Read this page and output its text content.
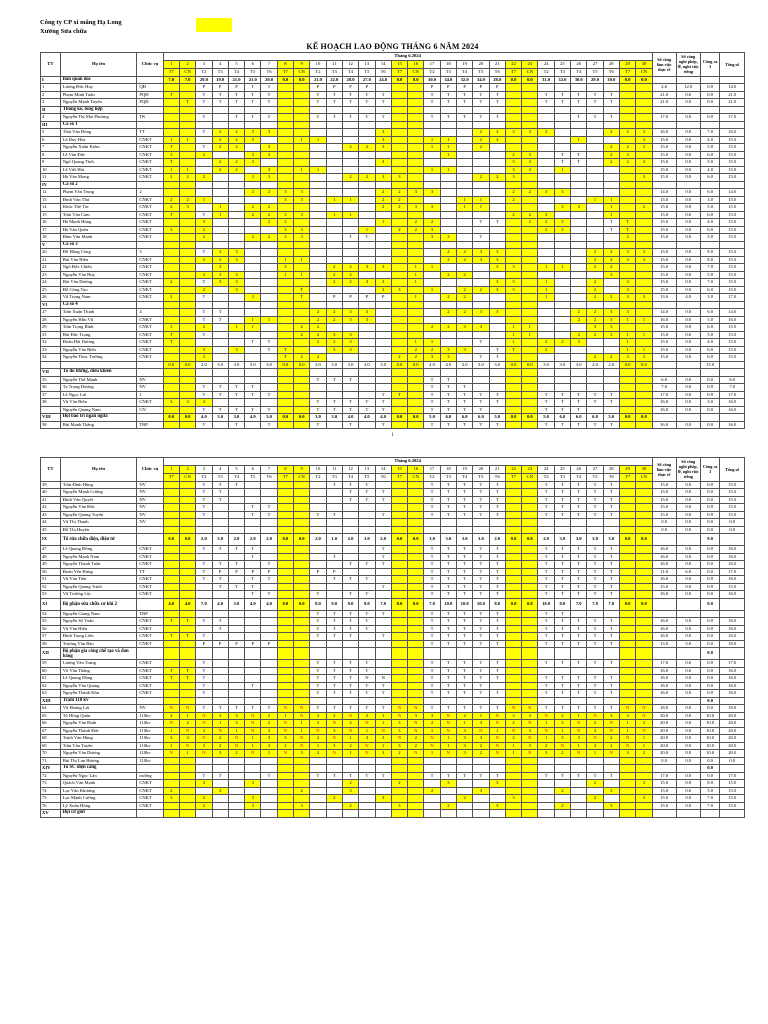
Công ty CP xi măng Hạ Long
Xưởng Sửa chữa
KẾ HOẠCH LAO ĐỘNG THÁNG 6 NĂM 2024
TT	Họ tên	Chức vụ	Tháng 6.2024																														Số công làm việc thực tế	Số công nghỉ phép, lễ, nghỉ việc riêng	Công ca 3	Tổng số
			1	2	3	4	5	6	7	8	9	10	11	12	13	14	15	16	17	18	19	20	21	22	23	24	25	26	27	28	29	30				
			T7	CN	T2	T3	T4	T5	T6	T7	CN	T2	T3	T4	T5	T6	T7	CN	T2	T3	T4	T5	T6	T7	CN	T2	T3	T4	T5	T6	T7	CN				
I	Ban quản đốc		7.0	7.0	29.0	19.0	21.0	21.0	20.0	0.0	0.0	21.0	22.0	28.0	27.0	24.0	0.0	0.0	30.0	34.0	32.0	34.0	28.0	0.0	0.0	31.0	32.0	30.0	29.0	30.0	0.0	0.0				
1	Lương Đức Huy	QĐ			P	P	P	T	T			P	P	P	P				P	P	P	P	P										2.0	12.0	0.0	14.0
2	Phạm Minh Tuấn	PQĐ	T		T	T	T	T	T			T	T	T	T	T			T	T	T	T	T			T	T	T	T	T			21.0	0.0	0.0	21.0
3	Nguyễn Mạnh Tuyến	PQĐ		T	T	T	T	T	T			T	T	T	T	T			T	T	T	T	T			T	T	T	T	T			21.0	0.0	0.0	21.0
II	Thống kê, tổng hợp																																			
4	Nguyễn Thị Mai Phương	TK			T		T	T	T			T	T	T	T	T			T	T	T	T	T					T	T	T			17.0	0.0	0.0	17.0
III	Ca số 1																																			
5	Thái Văn Đông	TT			T	2	2	3	3							3						2	2	3	3	3				2	2	3	16.0	0.0	7.0	16.0
6	Lê Duy Hòa	CNKT	1	1		2	2	3			1	1				3			1	1		2	2					1				3	15.0	0.0	4.0	15.0
7	Nguyễn Xuân Kiểm	CNKT	T		T	2	2		3					2	2	3			1	1		2								2	2	3	15.0	0.0	5.0	15.0
8	Lê Văn Đức	CNKT	3		2			3	3											1				2	3		T	T		2	3		15.0	0.0	6.0	15.0
9	Ngô Quang Tình	CNKT	T			2	2	3								3								3	3		T	T		2	2	3	15.0	0.0	5.0	15.0
10	Lê Viết Hải	CNKT	1	1		2	2		3		1	1							1	1				3	3		1						15.0	0.0	4.0	15.0
11	Hà Văn Mong	CNKT	2	2	2			3	3					2	2	3	3					2	2	3								3	15.0	0.0	6.0	15.0
IV	Ca số 2																																			
12	Phạm Văn Trung	2						2	2	3	3					2	2	3	3					2	2	3	3						14.0	0.0	6.0	14.0
13	Đinh Văn Thư	CNKT	2	2	1					3	3		1	1		2	2				1	1		2					1	1			15.0	0.0	3.0	15.0
14	Khúc Thế Tác	CNKT	2	3		1		2	2							2	2	3	3		1	1					3	3		1		2	15.0	0.0	5.0	15.0
15	Trần Văn Cam	CNKT	T		T	1		2	2	3	3		1	1										2	2	3				1			15.0	0.0	6.0	15.0
16	Hà Mạnh Hùng	CNKT			3				2	2						1		2	2			T	T		2	2	3			T	T		15.0	0.0	4.0	15.0
17	Hà Văn Quân	CNKT	3		2					3	3				1		2	2	3							2	3			T	T		15.0	0.0	6.0	15.0
18	Đàm Văn Mạnh	CNKT			2			2	2	3	3			T	T				3	3		T									2		15.0	0.0	5.0	15.0
V	Ca số 3																																			
20	Đỗ Hồng Công	3			T	3	3													2	2	3	3						2	2	3	3	15.0	0.0	8.0	15.0
21	Bùi Văn Hiếu	CNKT			2	2	3			1	1									2	2	3	3						2	2	3	3	15.0	0.0	8.0	15.0
22	Ngô Đức Chiếu	CNKT				3				3			2	2	3	3		1	1				3	3		1	1		2	2			15.0	0.0	7.0	15.0
23	Nguyễn Văn Huy	CNKT			3	3	3			1	1		2	2				1		2	2									3			15.0	0.0	5.0	15.0
24	Bùi Văn Dương	CNKT	2		T	3	3						2	2	3	3		1					3	3		1			2		3		15.0	0.0	7.0	15.0
25	Đỗ Công Tạo	CNKT			2		3				T					3	3		1		2	2	3	3		1			2		3		15.0	0.0	6.0	15.0
26	Vũ Trọng Nam	CNKT	2		T			3			T		P	P	P	P		1		2	2					1			2	2	3	3	13.0	4.0	3.0	17.0
VI	Ca số 4																																			
27	Trần Xuân Thịnh	4			T	T						2	2	3	3					2	2	3	3					2	2	3	3		14.0	0.0	6.0	14.0
28	Nguyễn Hữu Vũ	CNKT			T	T		1	1			2	2	3	3													2	2	3	1	1	16.0	0.0	5.0	16.0
29	Trần Trọng Bình	CNKT	3		2		1	1			2	2							2	2	3	3		1	1				3	3			15.0	0.0	6.0	15.0
31	Bùi Đức Trọng	CNKT	T		T						2	2	3	3										1	1			2	2	3	1	1	15.0	0.0	5.0	15.0
32	Đoàn Hải Dương	CNKT	T					T	T			2	2	3				1	1			T		1		2	2	3			1		15.0	0.0	4.0	15.0
33	Nguyễn Văn Biên	CNKT			3		3		T	T			3	3				2	2	3	3		T	T		2					1	1	15.0	0.0	6.0	15.0
34	Nguyễn Thúc Trường	CNKT			3					T	2	2					2	2	3	3		T	T						2	2	3	3	15.0	0.0	6.0	15.0
			0.0	0.0	2.0	3.0	3.0	3.0	3.0	0.0	0.0	3.0	3.0	3.0	3.0	3.0	0.0	0.0	4.0	4.0	3.0	3.0	3.0	0.0	0.0	3.0	3.0	3.0	2.0	2.0	0.0	0.0			15.0	
VII	Tổ đo lường, điều khiển																																			
35	Nguyễn Thế Mạnh	NV										T	T	T					T	T													6.0	0.0	0.0	6.0
36	Tạ Trọng Dương	NV			T	T	T	T											T	T	T												7.0	0.0	0.0	7.0
37	Lê Ngọc Lợi	1			T	T	T	T	T							T	T		T	T	T	T	T			T	T	T	T	T			17.0	0.0	0.0	17.0
38	Vũ Văn Biên	CNKT	3	3	3							T	T	T	T	T			T	T	T	T	T			T	T	T	T	T			16.0	0.0	3.0	16.0
	Nguyễn Quang Nam	CN			T	T	T	T	T			T	T	T	T	T			T	T	T	T				T	T	T					16.0	0.0	0.0	16.0
VIII	Đội bảo trì ngăn ngừa		0.0	0.0	4.0	3.0	3.0	4.0	3.0	0.0	0.0	3.0	3.0	4.0	4.0	4.0	0.0	0.0	5.0	6.0	6.0	6.0	5.0	0.0	0.0	5.0	6.0	6.0	6.0	5.0	0.0	0.0				
38	Bùi Mạnh Thắng	TBP			T		T		T			T		T		T			T	T	T	T	T			T	T	T	T	T			16.0	0.0	0.0	16.0
1
TT	Họ tên	Chức vụ	Tháng 6.2024																														Số công làm việc thực tế	Số công nghỉ phép, lễ, nghỉ việc riêng	Công ca 3	Tổng số
			1	2	3	4	5	6	7	8	9	10	11	12	13	14	15	16	17	18	19	20	21	22	23	24	25	26	27	28	29	30				
			T7	CN	T2	T3	T4	T5	T6	T7	CN	T2	T3	T4	T5	T6	T7	CN	T2	T3	T4	T5	T6	T7	CN	T2	T3	T4	T5	T6	T7	CN				
39	Trần Đình Hùng	NV			T	T	T						T	T	T				T	T	T	T	T			T	T	T	T	T			15.0	0.0	0.0	15.0
40	Nguyễn Mạnh Cường	NV			T	T								T	T	T			T	T	T	T	T			T	T	T	T	T			15.0	0.0	0.0	15.0
41	Đinh Văn Quyết	NV			T	T								T	T	T			T	T	T	T	T			T	T	T	T	T			15.0	0.0	0.0	15.0
42	Nguyễn Văn Đức	NV			T			T	T										T	T	T	T	T			T	T	T	T	T			15.0	0.0	0.0	15.0
43	Nguyễn Quang Tuyến	NV			T			T	T			T	T			T			T	T	T	T	T			T	T	T	T	T			15.0	0.0	0.0	15.0
44	Vũ Thị Thanh	NV																															0.0	0.0	0.0	0.0
45	Đỗ Thị Huyền																																0.0	0.0	0.0	0.0
IX	Tổ sửa chữa điện, điện tử		0.0	0.0	2.0	3.0	2.0	2.0	2.0	0.0	0.0	2.0	1.0	2.0	3.0	2.0	0.0	0.0	3.0	3.0	3.0	3.0	2.0	0.0	0.0	2.0	3.0	3.0	3.0	3.0	0.0	0.0			9.0	
47	Lê Quang Đông	CNKT			T	T	T	T								T			T	T	T	T	T			T	T	T	T	T			16.0	0.0	0.0	16.0
48	Nguyễn Mạnh Nam	CNKT						T					T			T			T	T	T	T	T			T	T	T	T	T			16.0	0.0	0.0	16.0
49	Nguyễn Thanh Tuấn	CNKT			T	T	T		T					T	T	T			T	T	T	T	T			T	T	T	T	T			16.0	0.0	0.0	16.0
50	Đoàn Yên Hưng	TT			T	P	P	P	P			P	P						T	T	T	T	T			T	T	T	T	T			11.0	6.0	0.0	17.0
51	Vũ Văn Tiến	CNKT			T	T		T	T				T	T	T				T	T	T	T	T			T	T	T	T	T			16.0	0.0	0.0	16.0
52	Nguyễn Quang Trịnh	CNKT				T	T	T								T			T	T	T	T	T			T	T	T	T	T			15.0	0.0	0.0	15.0
53	Vũ Trường Lộc	CNKT						T	T			T		T	T				T	T	T	T	T			T	T	T	T	T			16.0	0.0	0.0	16.0
XI	Bộ phận sửa chữa cơ khí 2		4.0	4.0	7.0	4.0	5.0	4.0	4.0	0.0	0.0	8.0	9.0	9.0	9.0	7.0	0.0	0.0	7.0	10.0	10.0	10.0	8.0	0.0	0.0	10.0	8.0	7.0	7.0	7.0	0.0	0.0			0.0	
54	Nguyễn Giang Nam	TBP										T	T	T	T	T			T	T	T	T	T			T	T									
55	Nguyễn Sỹ Tuấn	CNKT	T	T	T	T						T	T	T	T				T	T	T	T	T			T	T	T	T	T			16.0	0.0	0.0	16.0
56	Vũ Văn Hiền	CNKT				T						T	T	T	T				T	T	T	T	T			T	T	T	T	T			16.0	0.0	0.0	16.0
57	Đinh Trọng Liên	CNKT	T	T	T							T	T	T		T			T	T	T	T	T			T	T	T	T	T			16.0	0.0	0.0	16.0
58	Trương Văn Bảo	CNKT			P	P	P	P	P										T	T	T	T	T			T	T	T	T	T			13.0	5.0	0.0	18.0
XII	Bộ phận gia công chế tạo và đan bảng																																		0.0	
59	Lương Văn Trung	CNKT			T							T	T	T	T				T	T	T	T	T			T	T	T	T	T			17.0	0.0	0.0	17.0
60	Võ Văn Thắng	CNKT	T	T	T							T	T	T	T				T	T	T	T	T										16.0	0.0	0.0	16.0
61	Lê Quang Dũng	CNKT	T	T	T							T	T	T	N	N			T	T	T	T	T			T	T	T	T	T			16.0	0.0	0.0	16.0
62	Nguyễn Văn Quang	CNKT			T			T				T	T	T	T	T			T	T	T	T				T	T	T	T	T			16.0	0.0	0.0	16.0
63	Nguyễn Thành Khu	CNKT			T							T	T	T	T	T			T	T	T	T	T			T	T	T	T	T			16.0	0.0	0.0	16.0
XIII	Trạm 110 kv																																		0.0	
64	Vũ Hoàng Lợi	NV	N	N	T	T	T	T	T	N	N	T	T	T	T	T	N	N	T	T	T	T	T	N	N	T	T	T	T	T	N	N	18.0	0.0	0.0	18.0
65	Tô Hồng Quân	110kv	2	1	N	3	3	N	2	1	N	3	3	N	2	1	N	3	3	N	2	1	N	3	3	N	2	1	N	3	3	N	20.0	0.0	10.0	20.0
66	Nguyễn Văn Định	110kv	N	2	N	1	3	N	2	N	1	3	N	2	N	1	3	N	2	N	1	3	N	2	N	1	3	N	2	N	1	3	20.0	0.0	10.0	20.0
67	Nguyễn Thành Đức	110kv	1	N	3	N	1	N	3	N	1	N	3	N	1	N	3	N	1	N	3	N	1	N	3	N	1	N	3	N	1	N	20.0	0.0	10.0	20.0
68	Trịnh Văn Hùng	110kv	3	3	N	2	N	1	3	3	N	2	N	1	3	3	N	2	N	1	3	3	N	2	N	1	3	3	N	2	N	1	20.0	0.0	10.0	20.0
69	Trần Văn Tuyền	110kv	1	N	3	2	N	1	3	2	N	1	3	2	N	1	3	2	N	1	3	2	N	1	3	2	N	1	3	2	N	1	20.0	0.0	10.0	20.0
70	Nguyễn Văn Dương	110kv	N	1	N	3	2	N	1	N	3	2	N	1	N	3	2	N	1	N	3	2	N	1	N	3	2	N	1	N	3	2	20.0	0.0	10.0	20.0
71	Bùi Thị Lan Hương	110kv																															0.0	0.0	0.0	0.0
XIV	Tổ SC điện cảng																																		0.0	
72	Nguyễn Ngọc Lân	trưởng			T	T			T			T	T	T	T	T			T	T	T	T	T			T	T	T	T	T			17.0	0.0	0.0	17.0
73	Quách Văn Mạnh	CNKT			3			3						2			2			3			3						2			3	15.0	0.0	8.0	15.0
74	Lục Văn Khương	CNKT	2			3					2			3					2			3					2			3			15.0	0.0	5.0	15.0
75	Lục Mạnh Cường	CNKT	3		2			3					2			3					2			3					2			3	15.0	0.0	7.0	15.0
76	Lý Xuân Hồng	CNKT			2			3			3			2			3			2			3				2			3			15.0	0.0	7.0	15.0
XV	Đội cơ giới																																			
